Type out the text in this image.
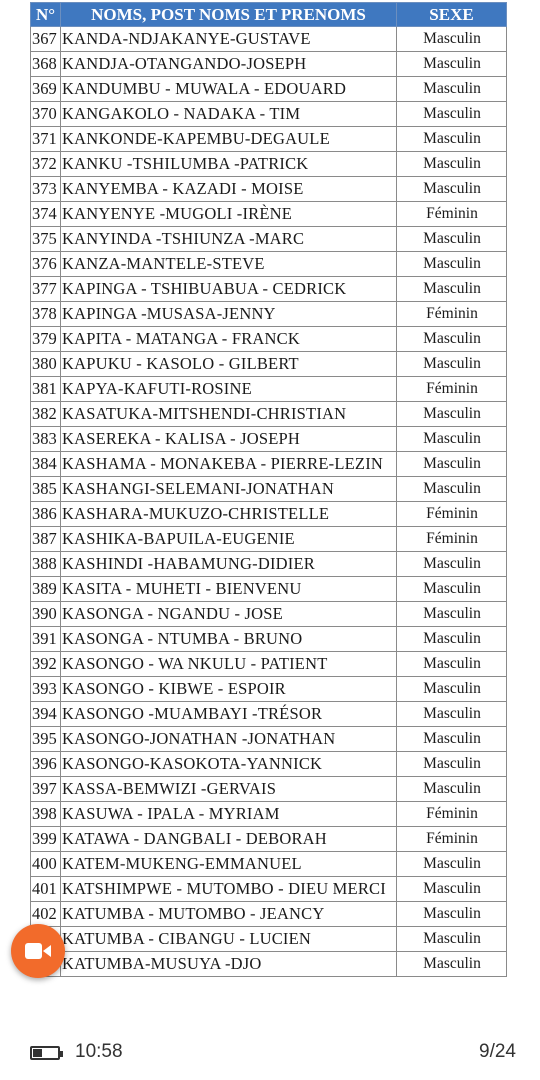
N°	NOMS, POST NOMS ET PRENOMS	SEXE
367	KANDA-NDJAKANYE-GUSTAVE	Masculin
368	KANDJA-OTANGANDO-JOSEPH	Masculin
369	KANDUMBU - MUWALA - EDOUARD	Masculin
370	KANGAKOLO - NADAKA - TIM	Masculin
371	KANKONDE-KAPEMBU-DEGAULE	Masculin
372	KANKU -TSHILUMBA -PATRICK	Masculin
373	KANYEMBA - KAZADI - MOISE	Masculin
374	KANYENYE -MUGOLI -IRÈNE	Féminin
375	KANYINDA -TSHIUNZA -MARC	Masculin
376	KANZA-MANTELE-STEVE	Masculin
377	KAPINGA - TSHIBUABUA - CEDRICK	Masculin
378	KAPINGA -MUSASA-JENNY	Féminin
379	KAPITA - MATANGA - FRANCK	Masculin
380	KAPUKU - KASOLO - GILBERT	Masculin
381	KAPYA-KAFUTI-ROSINE	Féminin
382	KASATUKA-MITSHENDI-CHRISTIAN	Masculin
383	KASEREKA - KALISA - JOSEPH	Masculin
384	KASHAMA - MONAKEBA - PIERRE-LEZIN	Masculin
385	KASHANGI-SELEMANI-JONATHAN	Masculin
386	KASHARA-MUKUZO-CHRISTELLE	Féminin
387	KASHIKA-BAPUILA-EUGENIE	Féminin
388	KASHINDI -HABAMUNG-DIDIER	Masculin
389	KASITA - MUHETI - BIENVENU	Masculin
390	KASONGA - NGANDU - JOSE	Masculin
391	KASONGA - NTUMBA - BRUNO	Masculin
392	KASONGO - WA NKULU - PATIENT	Masculin
393	KASONGO - KIBWE - ESPOIR	Masculin
394	KASONGO -MUAMBAYI -TRÉSOR	Masculin
395	KASONGO-JONATHAN -JONATHAN	Masculin
396	KASONGO-KASOKOTA-YANNICK	Masculin
397	KASSA-BEMWIZI -GERVAIS	Masculin
398	KASUWA - IPALA - MYRIAM	Féminin
399	KATAWA - DANGBALI - DEBORAH	Féminin
400	KATEM-MUKENG-EMMANUEL	Masculin
401	KATSHIMPWE - MUTOMBO - DIEU MERCI	Masculin
402	KATUMBA - MUTOMBO - JEANCY	Masculin
	KATUMBA - CIBANGU - LUCIEN	Masculin
	KATUMBA-MUSUYA -DJO	Masculin
10:58	9/24
